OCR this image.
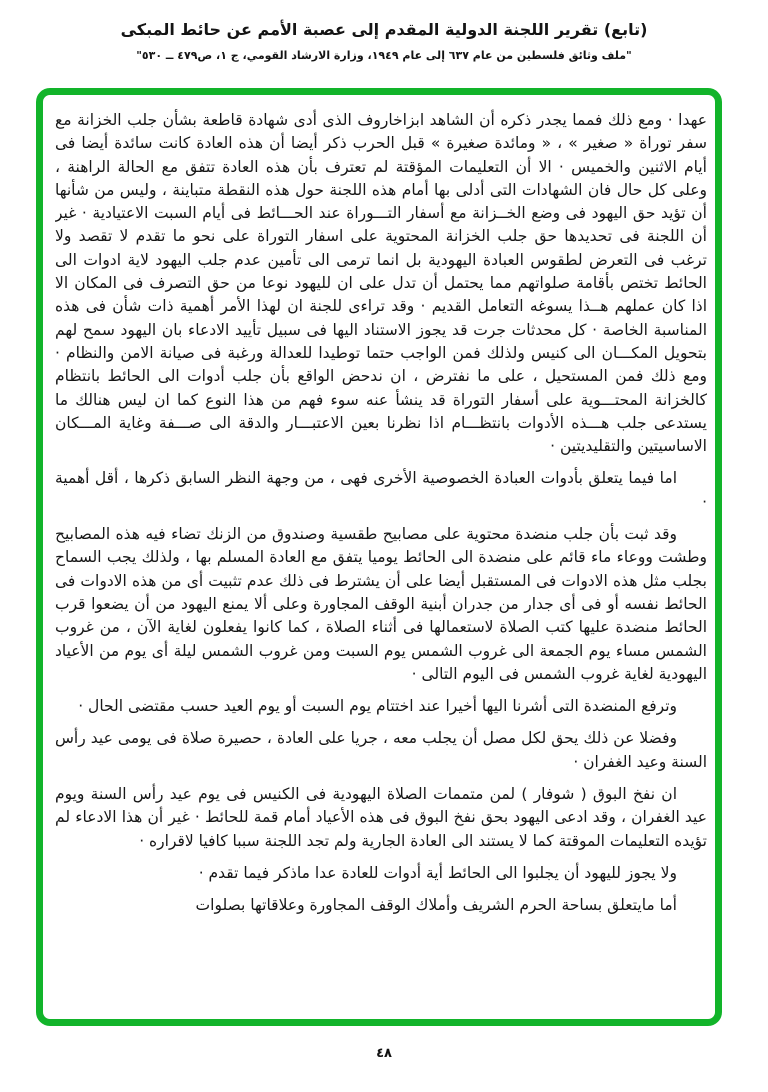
(تابع) تقرير اللجنة الدولية المقدم إلى عصبة الأمم عن حائط المبكى
"ملف وثائق فلسطين من عام ٦٣٧ إلى عام ١٩٤٩، وزارة الارشاد القومي، ج ١، ص٤٧٩ ــ ٥٣٠"

عهدا · ومع ذلك فمما يجدر ذكره أن الشاهد ابزاخاروف الذى أدى شهادة قاطعة بشأن جلب الخزانة مع سفر توراة « صغير » ، « ومائدة صغيرة » قبل الحرب ذكر أيضا أن هذه العادة كانت سائدة أيضا فى أيام الاثنين والخميس · الا أن التعليمات المؤقتة لم تعترف بأن هذه العادة تتفق مع الحالة الراهنة ، وعلى كل حال فان الشهادات التى أدلى بها أمام هذه اللجنة حول هذه النقطة متباينة ، وليس من شأنها أن تؤيد حق اليهود فى وضع الخــزانة مع أسفار التـــوراة عند الحـــائط فى أيام السبت الاعتيادية · غير أن اللجنة فى تحديدها حق جلب الخزانة المحتوية على اسفار التوراة على نحو ما تقدم لا تقصد ولا ترغب فى التعرض لطقوس العبادة اليهودية بل انما ترمى الى تأمين عدم جلب اليهود لاية ادوات الى الحائط تختص بأقامة صلواتهم مما يحتمل أن تدل على ان لليهود نوعا من حق التصرف فى المكان الا اذا كان عملهم هــذا يسوغه التعامل القديم · وقد تراءى للجنة ان لهذا الأمر أهمية ذات شأن فى هذه المناسبة الخاصة · كل محدثات جرت قد يجوز الاستناد اليها فى سبيل تأييد الادعاء بان اليهود سمح لهم بتحويل المكـــان الى كنيس ولذلك فمن الواجب حتما توطيدا للعدالة ورغبة فى صيانة الامن والنظام · ومع ذلك فمن المستحيل ، على ما نفترض ، ان ندحض الواقع بأن جلب أدوات الى الحائط بانتظام كالخزانة المحتـــوية على أسفار التوراة قد ينشأ عنه سوء فهم من هذا النوع كما ان ليس هنالك ما يستدعى جلب هـــذه الأدوات بانتظـــام اذا نظرنا بعين الاعتبـــار والدقة الى صـــفة وغاية المـــكان الاساسيتين والتقليديتين ·

اما فيما يتعلق بأدوات العبادة الخصوصية الأخرى فهى ، من وجهة النظر السابق ذكرها ، أقل أهمية ·

وقد ثبت بأن جلب منضدة محتوية على مصابيح طقسية وصندوق من الزنك تضاء فيه هذه المصابيح وطشت ووعاء ماء قائم على منضدة الى الحائط يوميا يتفق مع العادة المسلم بها ، ولذلك يجب السماح بجلب مثل هذه الادوات فى المستقبل أيضا على أن يشترط فى ذلك عدم تثبيت أى من هذه الادوات فى الحائط نفسه أو فى أى جدار من جدران أبنية الوقف المجاورة وعلى ألا يمنع اليهود من أن يضعوا قرب الحائط منضدة عليها كتب الصلاة لاستعمالها فى أثناء الصلاة ، كما كانوا يفعلون لغاية الآن ، من غروب الشمس مساء يوم الجمعة الى غروب الشمس يوم السبت ومن غروب الشمس ليلة أى يوم من الأعياد اليهودية لغاية غروب الشمس فى اليوم التالى ·

وترفع المنضدة التى أشرنا اليها أخيرا عند اختتام يوم السبت أو يوم العيد حسب مقتضى الحال ·

وفضلا عن ذلك يحق لكل مصل أن يجلب معه ، جريا على العادة ، حصيرة صلاة فى يومى عيد رأس السنة وعيد الغفران ·

ان نفخ البوق ( شوفار ) لمن متممات الصلاة اليهودية فى الكنيس فى يوم عيد رأس السنة ويوم عيد الغفران ، وقد ادعى اليهود بحق نفخ البوق فى هذه الأعياد أمام قمة للحائط · غير أن هذا الادعاء لم تؤيده التعليمات الموقتة كما لا يستند الى العادة الجارية ولم تجد اللجنة سببا كافيا لاقراره ·

ولا يجوز لليهود أن يجلبوا الى الحائط أية أدوات للعادة عدا ماذكر فيما تقدم ·

أما مايتعلق بساحة الحرم الشريف وأملاك الوقف المجاورة وعلاقاتها بصلوات

٤٨
